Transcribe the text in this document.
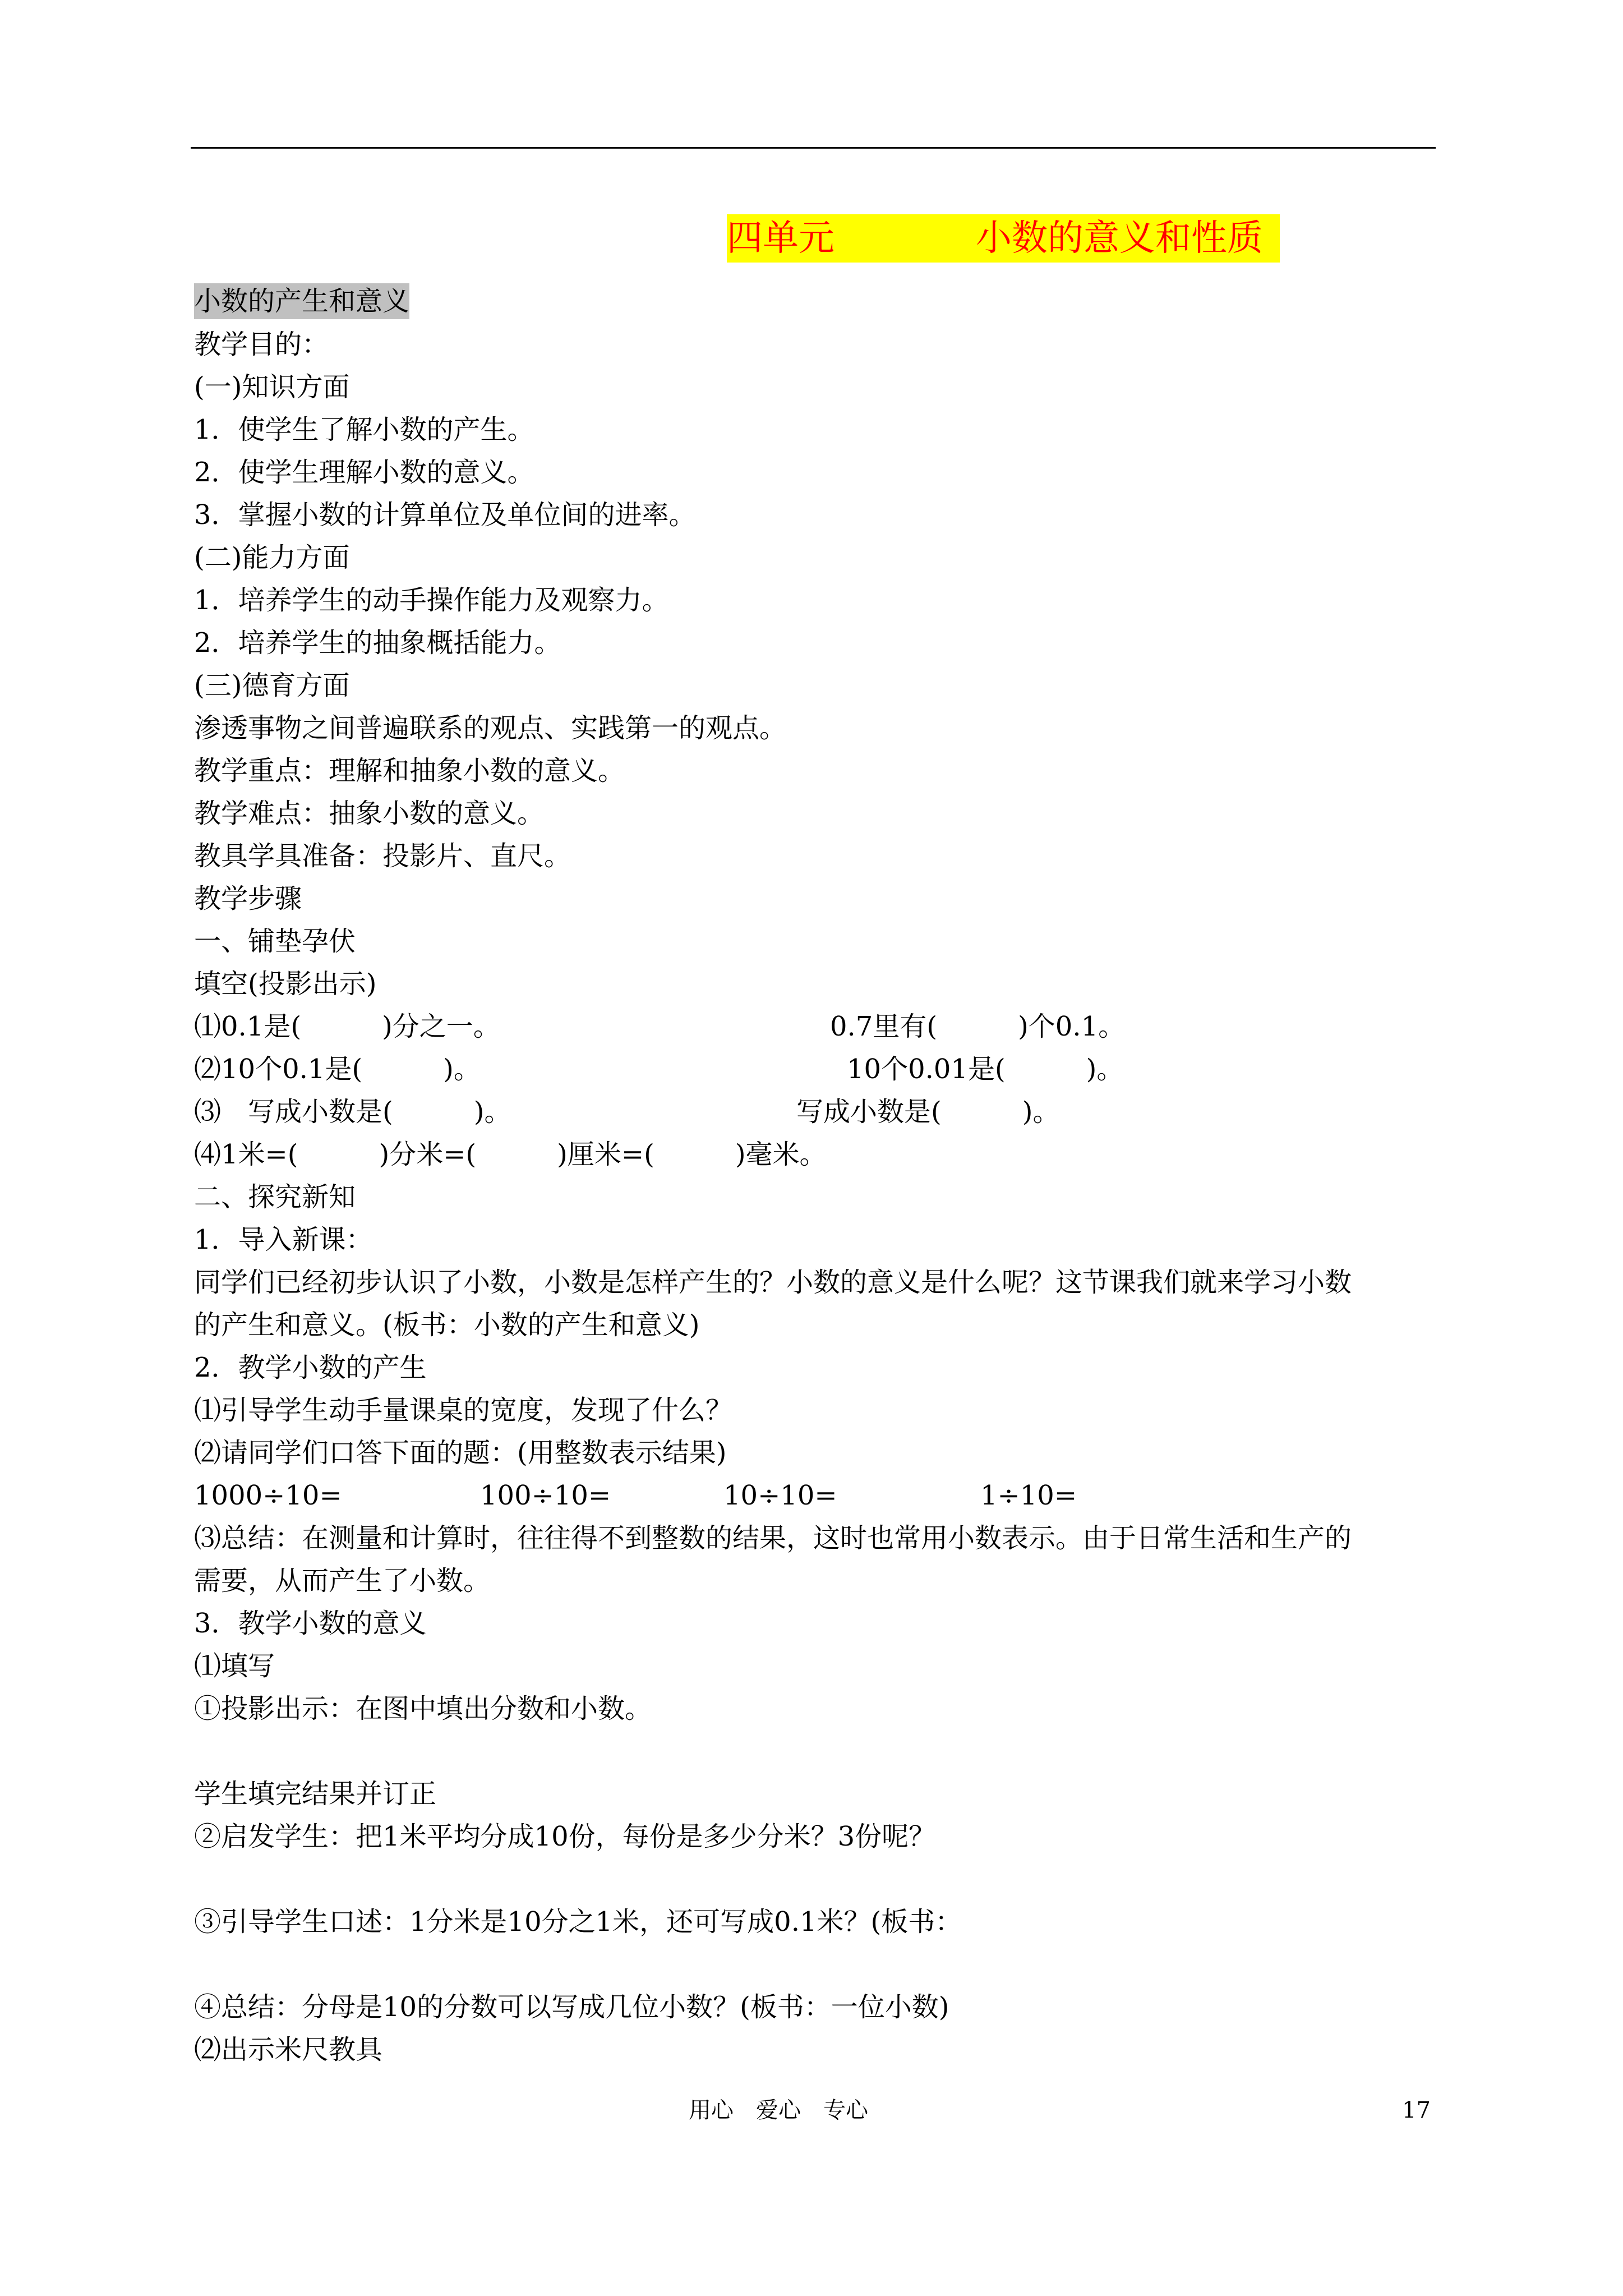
四单元	小数的意义和性质
小数的产生和意义
教学目的：
(一)知识方面
1．使学生了解小数的产生。
2．使学生理解小数的意义。
3．掌握小数的计算单位及单位间的进率。
(二)能力方面
1．培养学生的动手操作能力及观察力。
2．培养学生的抽象概括能力。
(三)德育方面
渗透事物之间普遍联系的观点、实践第一的观点。
教学重点：理解和抽象小数的意义。
教学难点：抽象小数的意义。
教具学具准备：投影片、直尺。
教学步骤
一、铺垫孕伏
填空(投影出示)
⑴0.1是(　　　)分之一。	0.7里有(　　　)个0.1。
⑵10个0.1是(　　　)。	10个0.01是(　　　)。
⑶　写成小数是(　　　)。	写成小数是(　　　)。
⑷1米=(　　　)分米=(　　　)厘米=(　　　)毫米。
二、探究新知
1．导入新课：
同学们已经初步认识了小数，小数是怎样产生的？小数的意义是什么呢？这节课我们就来学习小数
的产生和意义。(板书：小数的产生和意义)
2．教学小数的产生
⑴引导学生动手量课桌的宽度，发现了什么？
⑵请同学们口答下面的题：(用整数表示结果)
1000÷10=	100÷10=	10÷10=	1÷10=
⑶总结：在测量和计算时，往往得不到整数的结果，这时也常用小数表示。由于日常生活和生产的
需要，从而产生了小数。
3．教学小数的意义
⑴填写
①投影出示：在图中填出分数和小数。
学生填完结果并订正
②启发学生：把1米平均分成10份，每份是多少分米？3份呢？
③引导学生口述：1分米是10分之1米，还可写成0.1米？(板书：
④总结：分母是10的分数可以写成几位小数？(板书：一位小数)
⑵出示米尺教具
用心　爱心　专心	17
